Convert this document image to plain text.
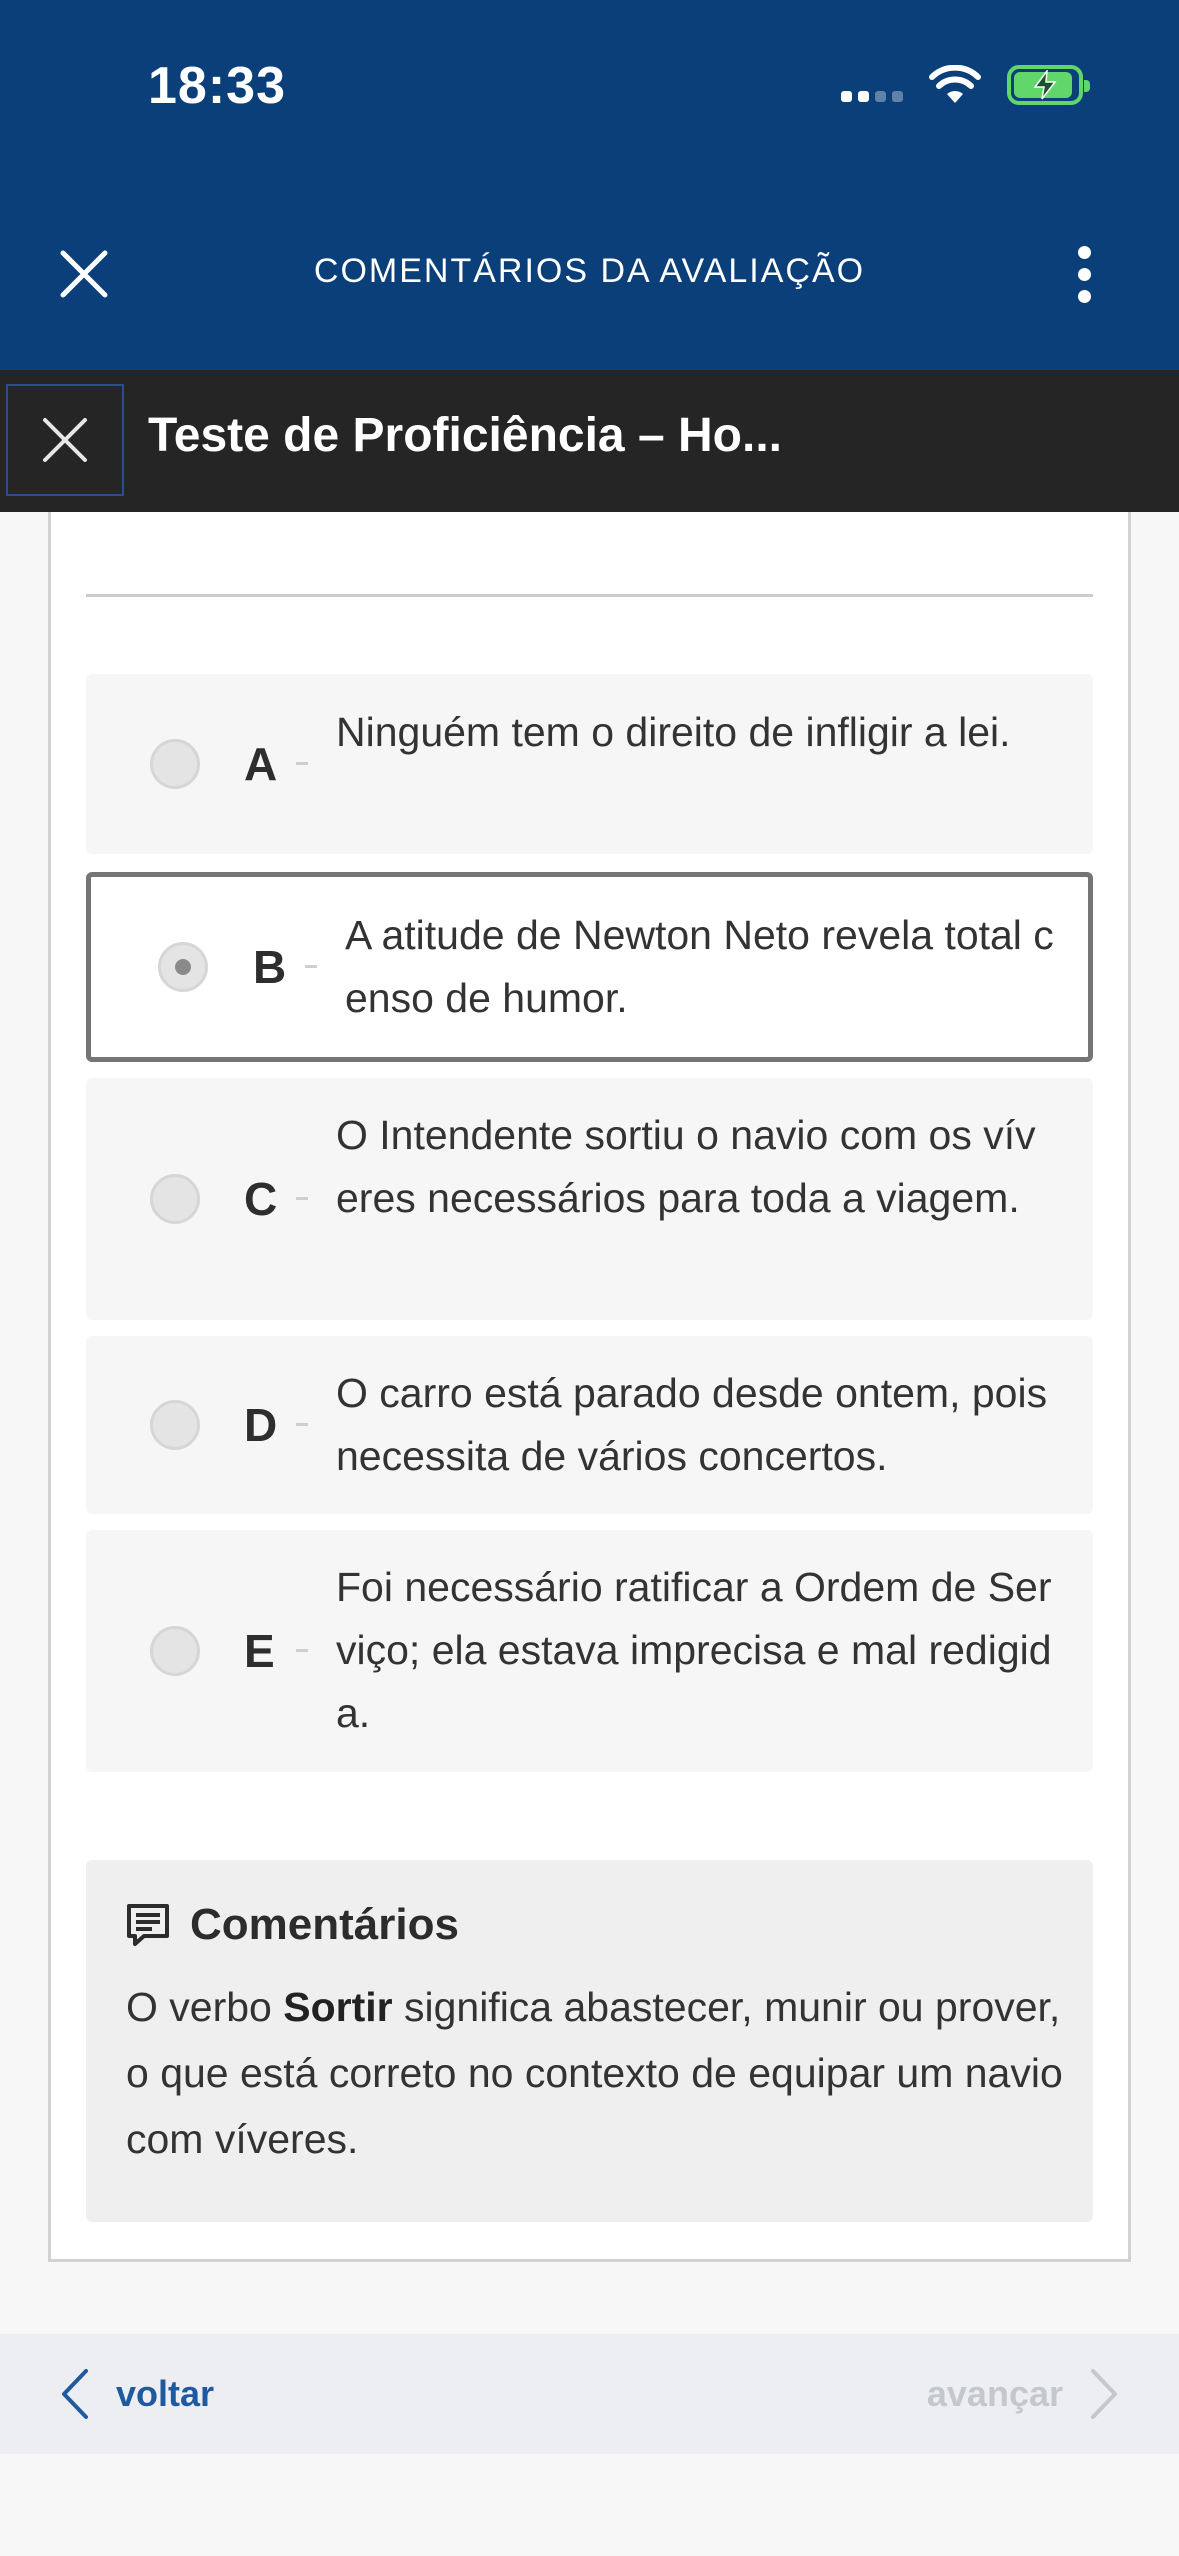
18:33
COMENTÁRIOS DA AVALIAÇÃO
Teste de Proficiência – Ho...
A
Ninguém tem o direito de infligir a lei.
B
A atitude de Newton Neto revela total censo de humor.
C
O Intendente sortiu o navio com os víveres necessários para toda a viagem.
D
O carro está parado desde ontem, pois necessita de vários concertos.
E
Foi necessário ratificar a Ordem de Serviço; ela estava imprecisa e mal redigida.
Comentários
O verbo Sortir significa abastecer, munir ou prover, o que está correto no contexto de equipar um navio com víveres.
voltar	avançar
